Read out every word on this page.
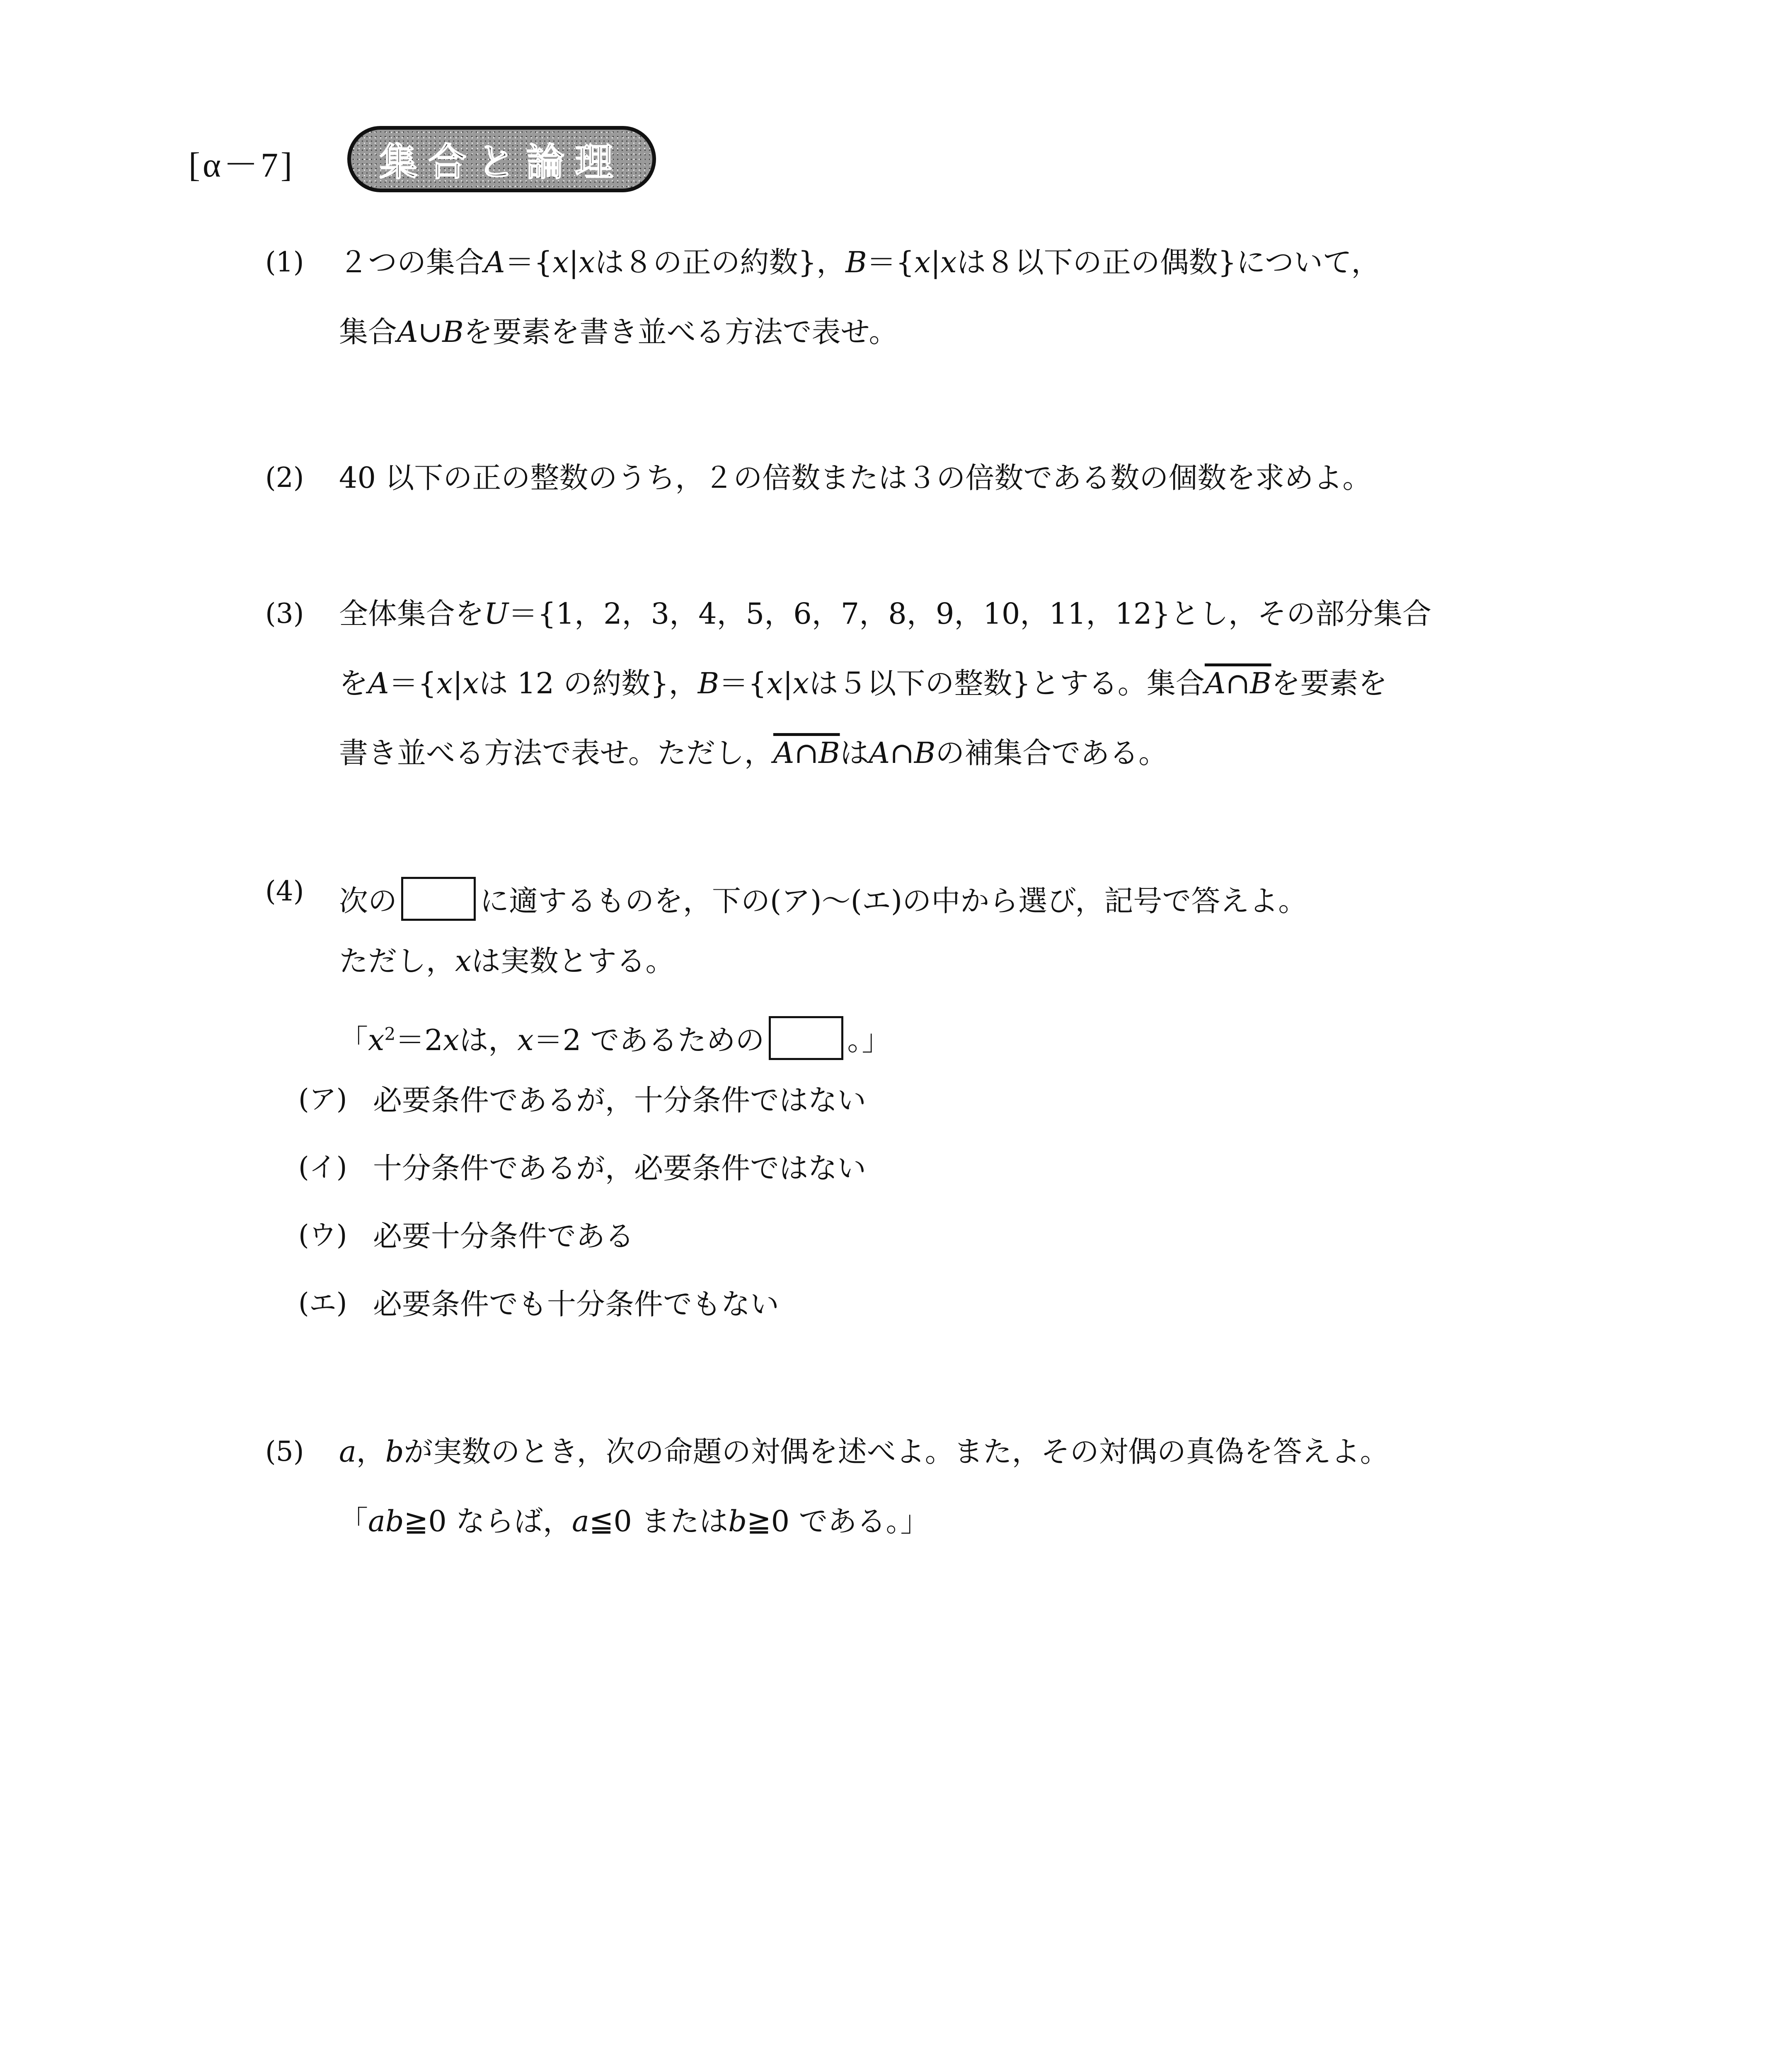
[α－7] 集合と論理
(1) ２つの集合A＝{x|xは８の正の約数}，B＝{x|xは８以下の正の偶数}について，
集合A∪Bを要素を書き並べる方法で表せ。
(2) 40 以下の正の整数のうち，２の倍数または３の倍数である数の個数を求めよ。
(3) 全体集合をU＝{1，2，3，4，5，6，7，8，9，10，11，12}とし，その部分集合
をA＝{x|xは 12 の約数}，B＝{x|xは５以下の整数}とする。集合A∩Bを要素を
書き並べる方法で表せ。ただし，A∩BはA∩Bの補集合である。
(4) 次の	に適するものを，下の(ア)〜(エ)の中から選び，記号で答えよ。
ただし，xは実数とする。
「$x^2=2x$は，x＝2 であるための	。」
(ア) 必要条件であるが，十分条件ではない
(イ) 十分条件であるが，必要条件ではない
(ウ) 必要十分条件である
(エ) 必要条件でも十分条件でもない
(5) a，bが実数のとき，次の命題の対偶を述べよ。また，その対偶の真偽を答えよ。
「ab≧0 ならば，a≦0 またはb≧0 である。」
